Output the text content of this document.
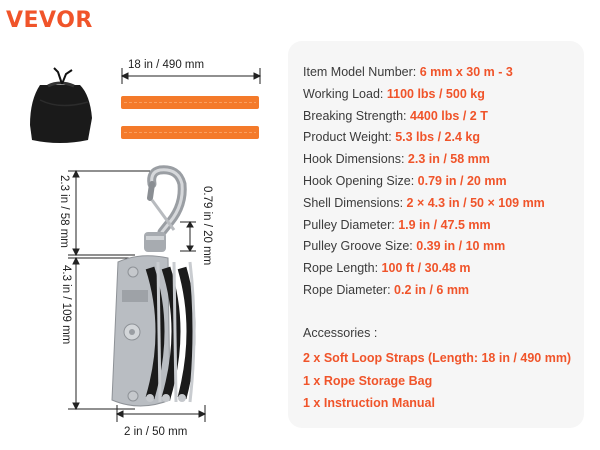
VEVOR
18 in / 490 mm
2.3 in / 58 mm
4.3 in / 109 mm
0.79 in / 20 mm
2 in / 50 mm
Item Model Number: 6 mm x 30 m - 3
Working Load: 1100 lbs / 500 kg
Breaking Strength: 4400 lbs / 2 T
Product Weight: 5.3 lbs / 2.4 kg
Hook Dimensions: 2.3 in / 58 mm
Hook Opening Size: 0.79 in / 20 mm
Shell Dimensions: 2 × 4.3 in / 50 × 109 mm
Pulley Diameter: 1.9 in / 47.5 mm
Pulley Groove Size: 0.39 in / 10 mm
Rope Length: 100 ft / 30.48 m
Rope Diameter: 0.2 in / 6 mm
Accessories :
2 x Soft Loop Straps (Length: 18 in / 490 mm)
1 x Rope Storage Bag
1 x Instruction Manual
